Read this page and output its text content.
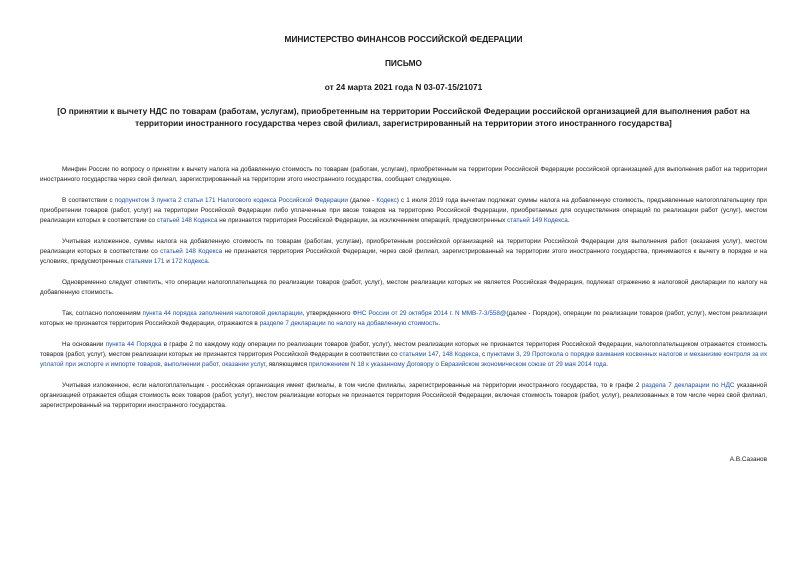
МИНИСТЕРСТВО ФИНАНСОВ РОССИЙСКОЙ ФЕДЕРАЦИИ
ПИСЬМО
от 24 марта 2021 года N 03-07-15/21071
[О принятии к вычету НДС по товарам (работам, услугам), приобретенным на территории Российской Федерации российской организацией для выполнения работ на территории иностранного государства через свой филиал, зарегистрированный на территории этого иностранного государства]

Минфин России по вопросу о принятии к вычету налога на добавленную стоимость по товарам (работам, услугам), приобретенным на территории Российской Федерации российской организацией для выполнения работ на территории иностранного государства через свой филиал, зарегистрированный на территории этого иностранного государства, сообщает следующее.

В соответствии с подпунктом 3 пункта 2 статьи 171 Налогового кодекса Российской Федерации (далее - Кодекс) с 1 июля 2019 года вычетам подлежат суммы налога на добавленную стоимость, предъявленные налогоплательщику при приобретении товаров (работ, услуг) на территории Российской Федерации либо уплаченные при ввозе товаров на территорию Российской Федерации, приобретаемых для осуществления операций по реализации работ (услуг), местом реализации которых в соответствии со статьей 148 Кодекса не признается территория Российской Федерации, за исключением операций, предусмотренных статьей 149 Кодекса.

Учитывая изложенное, суммы налога на добавленную стоимость по товарам (работам, услугам), приобретенным российской организацией на территории Российской Федерации для выполнения работ (оказания услуг), местом реализации которых в соответствии со статьей 148 Кодекса не признается территория Российской Федерации, через свой филиал, зарегистрированный на территории этого иностранного государства, принимаются к вычету в порядке и на условиях, предусмотренных статьями 171 и 172 Кодекса.

Одновременно следует отметить, что операции налогоплательщика по реализации товаров (работ, услуг), местом реализации которых не является Российская Федерация, подлежат отражению в налоговой декларации по налогу на добавленную стоимость.

Так, согласно положениям пункта 44 порядка заполнения налоговой декларации, утвержденного ФНС России от 29 октября 2014 г. N ММВ-7-3/558@(далее - Порядок), операции по реализации товаров (работ, услуг), местом реализации которых не признается территория Российской Федерации, отражаются в разделе 7 декларации по налогу на добавленную стоимость.

На основании пункта 44 Порядка в графе 2 по каждому коду операции по реализации товаров (работ, услуг), местом реализации которых не признается территория Российской Федерации, налогоплательщиком отражается стоимость товаров (работ, услуг), местом реализации которых не признается территория Российской Федерации в соответствии со статьями 147, 148 Кодекса, с пунктами 3, 29 Протокола о порядке взимания косвенных налогов и механизме контроля за их уплатой при экспорте и импорте товаров, выполнении работ, оказании услуг, являющимся приложением N 18 к указанному Договору о Евразийском экономическом союзе от 29 мая 2014 года.

Учитывая изложенное, если налогоплательщик - российская организация имеет филиалы, в том числе филиалы, зарегистрированные на территории иностранного государства, то в графе 2 раздела 7 декларации по НДС указанной организацией отражается общая стоимость всех товаров (работ, услуг), местом реализации которых не признается территория Российской Федерации, включая стоимость товаров (работ, услуг), реализованных в том числе через свой филиал, зарегистрированный на территории иностранного государства.

А.В.Сазанов
